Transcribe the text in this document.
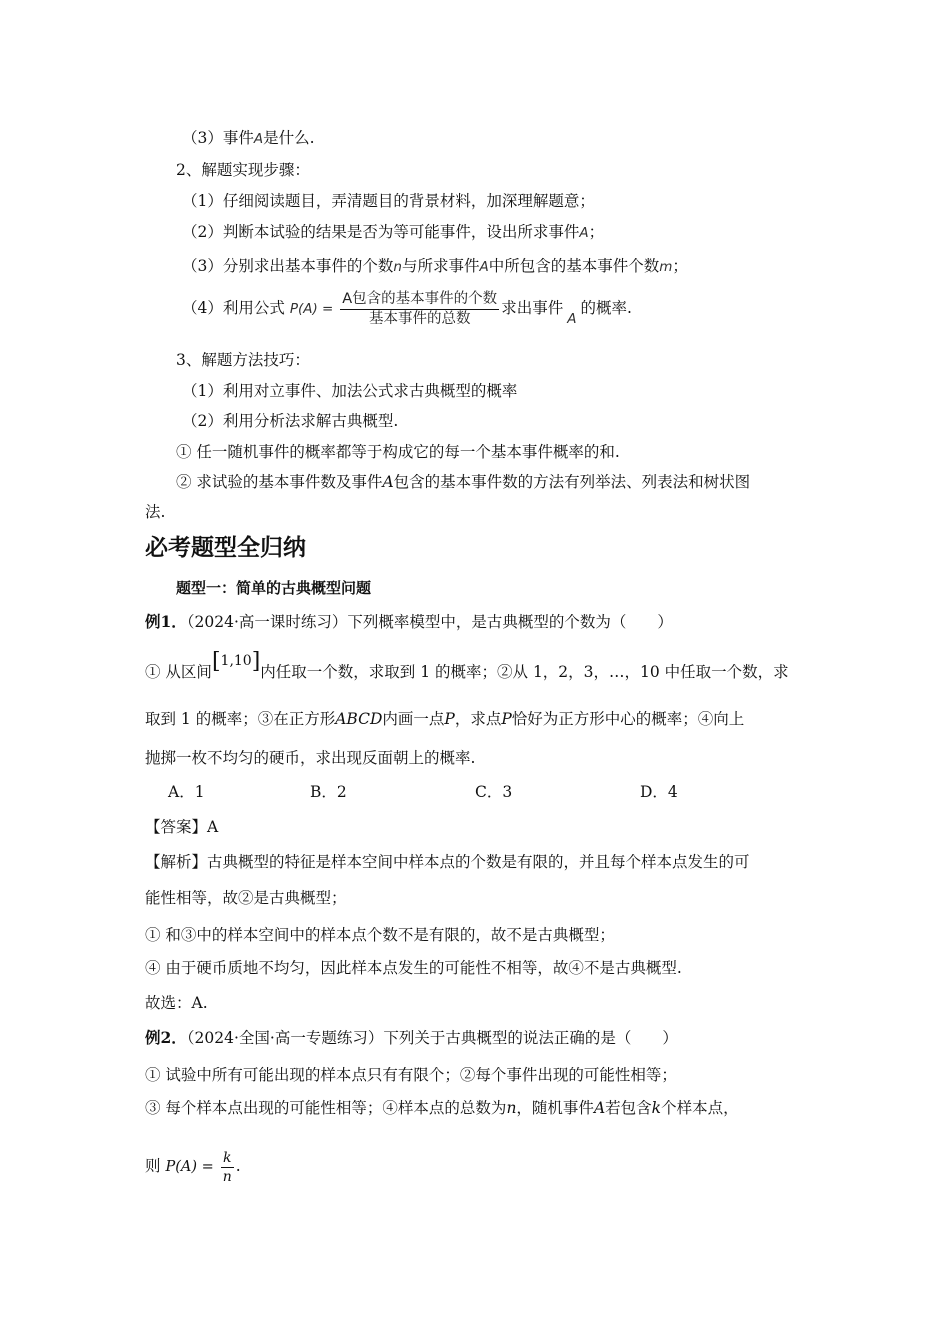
（3）事件A是什么.
2、解题实现步骤：
（1）仔细阅读题目，弄清题目的背景材料，加深理解题意；
（2）判断本试验的结果是否为等可能事件，设出所求事件A；
（3）分别求出基本事件的个数n与所求事件A中所包含的基本事件个数m；
（4）利用公式 $P(A) = \frac{\text{A包含的基本事件的个数}}{\text{基本事件的总数}}$ 求出事件A的概率.
3、解题方法技巧：
（1）利用对立事件、加法公式求古典概型的概率
（2）利用分析法求解古典概型.
① 任一随机事件的概率都等于构成它的每一个基本事件概率的和.
② 求试验的基本事件数及事件A包含的基本事件数的方法有列举法、列表法和树状图
法.
必考题型全归纳
题型一：简单的古典概型问题
例1．（2024·高一课时练习）下列概率模型中，是古典概型的个数为（　　）
① 从区间[1,10]内任取一个数，求取到 1 的概率；②从 1，2，3，…，10 中任取一个数，求
取到 1 的概率；③在正方形ABCD内画一点P，求点P恰好为正方形中心的概率；④向上
抛掷一枚不均匀的硬币，求出现反面朝上的概率.
A．1	B．2	C．3	D．4
【答案】A
【解析】古典概型的特征是样本空间中样本点的个数是有限的，并且每个样本点发生的可
能性相等，故②是古典概型；
① 和③中的样本空间中的样本点个数不是有限的，故不是古典概型；
④ 由于硬币质地不均匀，因此样本点发生的可能性不相等，故④不是古典概型.
故选：A.
例2．（2024·全国·高一专题练习）下列关于古典概型的说法正确的是（　　）
① 试验中所有可能出现的样本点只有有限个；②每个事件出现的可能性相等；
③ 每个样本点出现的可能性相等；④样本点的总数为n，随机事件A若包含k个样本点，
则 $P(A) = \frac{k}{n}$ .
